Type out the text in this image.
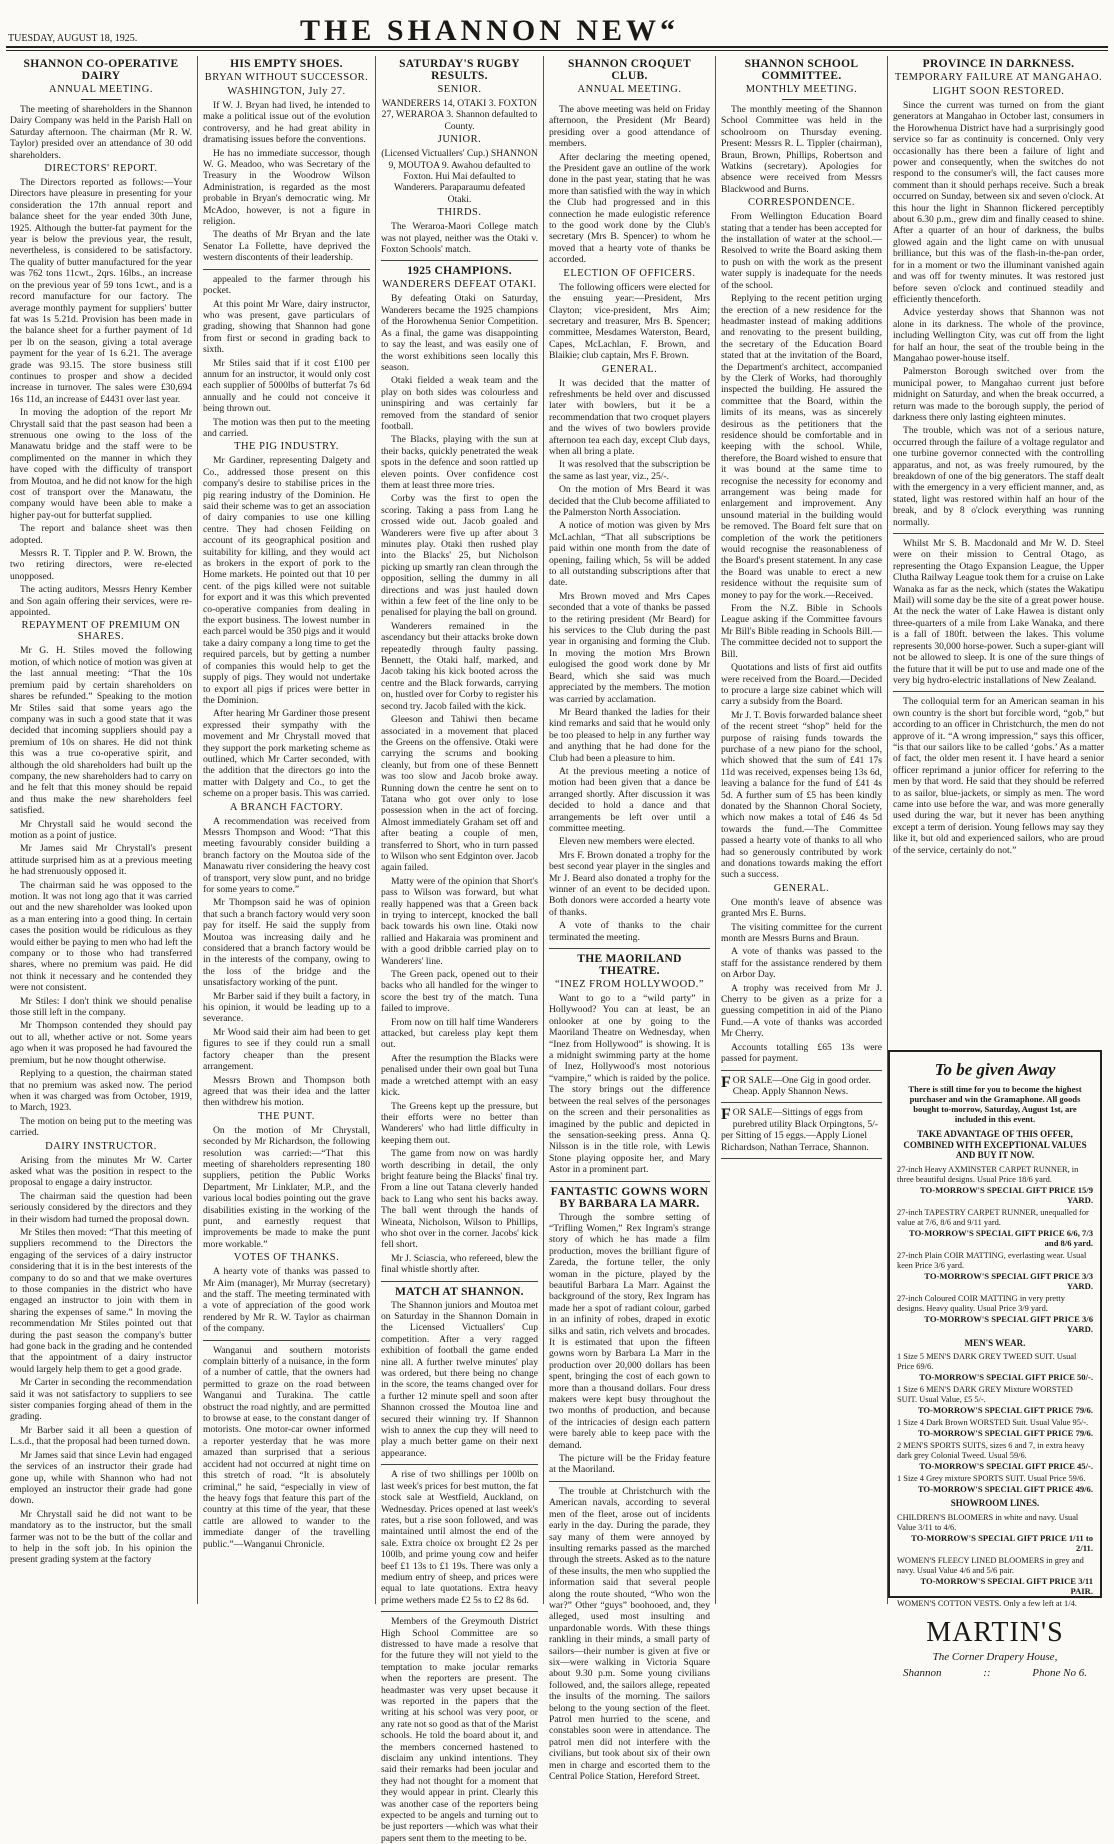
THE SHANNON NEW“
TUESDAY, AUGUST 18, 1925.
SHANNON CO-OPERATIVE DAIRY
ANNUAL MEETING.

The meeting of shareholders in the Shannon Dairy Company was held in the Parish Hall on Saturday afternoon. The chairman (Mr R. W. Taylor) presided over an attendance of 30 odd shareholders.

DIRECTORS' REPORT.

The Directors reported as follows:—Your Directors have pleasure in presenting for your consideration the 17th annual report and balance sheet for the year ended 30th June, 1925. Although the butter-fat payment for the year is below the previous year, the result, nevertheless, is considered to be satisfactory. The quality of butter manufactured for the year was 762 tons 11cwt., 2qrs. 16lbs., an increase on the previous year of 59 tons 1cwt., and is a record manufacture for our factory. The average monthly payment for suppliers' butter fat was 1s 5.21d. Provision has been made in the balance sheet for a further payment of 1d per lb on the season, giving a total average payment for the year of 1s 6.21. The average grade was 93.15. The store business still continues to prosper and show a decided increase in turnover. The sales were £30,694 16s 11d, an increase of £4431 over last year.

In moving the adoption of the report Mr Chrystall said that the past season had been a strenuous one owing to the loss of the Manawatu bridge and the staff were to be complimented on the manner in which they have coped with the difficulty of transport from Moutoa, and he did not know for the high cost of transport over the Manawatu, the company would have been able to make a higher pay-out for butterfat supplied.

The report and balance sheet was then adopted.

Messrs R. T. Tippler and P. W. Brown, the two retiring directors, were re-elected unopposed.

The acting auditors, Messrs Henry Kember and Son again offering their services, were re-appointed.

REPAYMENT OF PREMIUM ON SHARES.

Mr G. H. Stiles moved the following motion, of which notice of motion was given at the last annual meeting: “That the 10s premium paid by certain shareholders on shares be refunded.” Speaking to the motion Mr Stiles said that some years ago the company was in such a good state that it was decided that incoming suppliers should pay a premium of 10s on shares. He did not think this was a true co-operative spirit, and although the old shareholders had built up the company, the new shareholders had to carry on and he felt that this money should be repaid and thus make the new shareholders feel satisfied.

Mr Chrystall said he would second the motion as a point of justice.

Mr James said Mr Chrystall's present attitude surprised him as at a previous meeting he had strenuously opposed it.

The chairman said he was opposed to the motion. It was not long ago that it was carried out and the new shareholder was looked upon as a man entering into a good thing. In certain cases the position would be ridiculous as they would either be paying to men who had left the company or to those who had transferred shares, where no premium was paid. He did not think it necessary and he contended they were not consistent.

Mr Stiles: I don't think we should penalise those still left in the company.

Mr Thompson contended they should pay out to all, whether active or not. Some years ago when it was proposed he had favoured the premium, but he now thought otherwise.

Replying to a question, the chairman stated that no premium was asked now. The period when it was charged was from October, 1919, to March, 1923.

The motion on being put to the meeting was carried.

DAIRY INSTRUCTOR.

Arising from the minutes Mr W. Carter asked what was the position in respect to the proposal to engage a dairy instructor.

The chairman said the question had been seriously considered by the directors and they in their wisdom had turned the proposal down.

Mr Stiles then moved: “That this meeting of suppliers recommend to the Directors the engaging of the services of a dairy instructor considering that it is in the best interests of the company to do so and that we make overtures to those companies in the district who have engaged an instructor to join with them in sharing the expenses of same.” In moving the recommendation Mr Stiles pointed out that during the past season the company's butter had gone back in the grading and he contended that the appointment of a dairy instructor would largely help them to get a good grade.

Mr Carter in seconding the recommendation said it was not satisfactory to suppliers to see sister companies forging ahead of them in the grading.

Mr Barber said it all been a question of L.s.d., that the proposal had been turned down.

Mr James said that since Levin had engaged the services of an instructor their grade had gone up, while with Shannon who had not employed an instructor their grade had gone down.

Mr Chrystall said he did not want to be mandatory as to the instructor, but the small farmer was not to be the butt of the collar and to help in the soft job. In his opinion the present grading system at the factory

HIS EMPTY SHOES.
BRYAN WITHOUT SUCCESSOR.
WASHINGTON, July 27.

If W. J. Bryan had lived, he intended to make a political issue out of the evolution controversy, and he had great ability in dramatising issues before the conventions.

He has no immediate successor, though W. G. Meadoo, who was Secretary of the Treasury in the Woodrow Wilson Administration, is regarded as the most probable in Bryan's democratic wing. Mr McAdoo, however, is not a figure in religion.

The deaths of Mr Bryan and the late Senator La Follette, have deprived the western discontents of their leadership.

appealed to the farmer through his pocket.

At this point Mr Ware, dairy instructor, who was present, gave particulars of grading, showing that Shannon had gone from first or second in grading back to sixth.

Mr Stiles said that if it cost £100 per annum for an instructor, it would only cost each supplier of 5000lbs of butterfat 7s 6d annually and he could not conceive it being thrown out.

The motion was then put to the meeting and carried.

THE PIG INDUSTRY.

Mr Gardiner, representing Dalgety and Co., addressed those present on this company's desire to stabilise prices in the pig rearing industry of the Dominion. He said their scheme was to get an association of dairy companies to use one killing centre. They had chosen Feilding on account of its geographical position and suitability for killing, and they would act as brokers in the export of pork to the Home markets. He pointed out that 10 per cent. of the pigs killed were not suitable for export and it was this which prevented co-operative companies from dealing in the export business. The lowest number in each parcel would be 350 pigs and it would take a dairy company a long time to get the required parcels, but by getting a number of companies this would help to get the supply of pigs. They would not undertake to export all pigs if prices were better in the Dominion.

After hearing Mr Gardiner those present expressed their sympathy with the movement and Mr Chrystall moved that they support the pork marketing scheme as outlined, which Mr Carter seconded, with the addition that the directors go into the matter with Dalgety and Co., to get the scheme on a proper basis. This was carried.

A BRANCH FACTORY.

A recommendation was received from Messrs Thompson and Wood: “That this meeting favourably consider building a branch factory on the Moutoa side of the Manawatu river considering the heavy cost of transport, very slow punt, and no bridge for some years to come.”

Mr Thompson said he was of opinion that such a branch factory would very soon pay for itself. He said the supply from Moutoa was increasing daily and he considered that a branch factory would be in the interests of the company, owing to the loss of the bridge and the unsatisfactory working of the punt.

Mr Barber said if they built a factory, in his opinion, it would be leading up to a severance.

Mr Wood said their aim had been to get figures to see if they could run a small factory cheaper than the present arrangement.

Messrs Brown and Thompson both agreed that was their idea and the latter then withdrew his motion.

THE PUNT.

On the motion of Mr Chrystall, seconded by Mr Richardson, the following resolution was carried:—“That this meeting of shareholders representing 180 suppliers, petition the Public Works Department, Mr Linklater, M.P., and the various local bodies pointing out the grave disabilities existing in the working of the punt, and earnestly request that improvements be made to make the punt more workable.”

VOTES OF THANKS.

A hearty vote of thanks was passed to Mr Aim (manager), Mr Murray (secretary) and the staff. The meeting terminated with a vote of appreciation of the good work rendered by Mr R. W. Taylor as chairman of the company.

Wanganui and southern motorists complain bitterly of a nuisance, in the form of a number of cattle, that the owners had permitted to graze on the road between Wanganui and Turakina. The cattle obstruct the road nightly, and are permitted to browse at ease, to the constant danger of motorists. One motor-car owner informed a reporter yesterday that he was more amazed than surprised that a serious accident had not occurred at night time on this stretch of road. “It is absolutely criminal,” he said, “especially in view of the heavy fogs that feature this part of the country at this time of the year, that these cattle are allowed to wander to the immediate danger of the travelling public.”—Wanganui Chronicle.

SATURDAY'S RUGBY RESULTS.
SENIOR.

WANDERERS 14, OTAKI 3. FOXTON 27, WERAROA 3. Shannon defaulted to County.

JUNIOR.

(Licensed Victuallers' Cup.) SHANNON 9, MOUTOA 9. Awahou defaulted to Foxton. Hui Mai defaulted to Wanderers. Paraparaumu defeated Otaki.

THIRDS.

The Weraroa-Maori College match was not played, neither was the Otaki v. Foxton Schools' match.

1925 CHAMPIONS.
WANDERERS DEFEAT OTAKI.

By defeating Otaki on Saturday, Wanderers became the 1925 champions of the Horowhenua Senior Competition. As a final, the game was disappointing to say the least, and was easily one of the worst exhibitions seen locally this season.

Otaki fielded a weak team and the play on both sides was colourless and uninspiring and was certainly far removed from the standard of senior football.

The Blacks, playing with the sun at their backs, quickly penetrated the weak spots in the defence and soon rattled up eleven points. Over confidence cost them at least three more tries.

Corby was the first to open the scoring. Taking a pass from Lang he crossed wide out. Jacob goaled and Wanderers were five up after about 3 minutes play. Otaki then rushed play into the Blacks' 25, but Nicholson picking up smartly ran clean through the opposition, selling the dummy in all directions and was just hauled down within a few feet of the line only to be penalised for playing the ball on ground.

Wanderers remained in the ascendancy but their attacks broke down repeatedly through faulty passing. Bennett, the Otaki half, marked, and Jacob taking his kick booted across the centre and the Black forwards, carrying on, hustled over for Corby to register his second try. Jacob failed with the kick.

Gleeson and Tahiwi then became associated in a movement that placed the Greens on the offensive. Otaki were carrying the scrums and booking cleanly, but from one of these Bennett was too slow and Jacob broke away. Running down the centre he sent on to Tatana who got over only to lose possession when in the act of forcing. Almost immediately Graham set off and after beating a couple of men, transferred to Short, who in turn passed to Wilson who sent Edginton over. Jacob again failed.

Matty were of the opinion that Short's pass to Wilson was forward, but what really happened was that a Green back in trying to intercept, knocked the ball back towards his own line. Otaki now rallied and Hakaraia was prominent and with a good dribble carried play on to Wanderers' line.

The Green pack, opened out to their backs who all handled for the winger to score the best try of the match. Tuna failed to improve.

From now on till half time Wanderers attacked, but careless play kept them out.

After the resumption the Blacks were penalised under their own goal but Tuna made a wretched attempt with an easy kick.

The Greens kept up the pressure, but their efforts were no better than Wanderers' who had little difficulty in keeping them out.

The game from now on was hardly worth describing in detail, the only bright feature being the Blacks' final try. From a line out Tatana cleverly handed back to Lang who sent his backs away. The ball went through the hands of Wineata, Nicholson, Wilson to Phillips, who shot over in the corner. Jacobs' kick fell short.

Mr J. Sciascia, who refereed, blew the final whistle shortly after.

MATCH AT SHANNON.

The Shannon juniors and Moutoa met on Saturday in the Shannon Domain in the Licensed Victuallers' Cup competition. After a very ragged exhibition of football the game ended nine all. A further twelve minutes' play was ordered, but there being no change in the score, the teams changed over for a further 12 minute spell and soon after Shannon crossed the Moutoa line and secured their winning try. If Shannon wish to annex the cup they will need to play a much better game on their next appearance.

A rise of two shillings per 100lb on last week's prices for best mutton, the fat stock sale at Westfield, Auckland, on Wednesday. Prices opened at last week's rates, but a rise soon followed, and was maintained until almost the end of the sale. Extra choice ox brought £2 2s per 100lb, and prime young cow and heifer beef £1 13s to £1 19s. There was only a medium entry of sheep, and prices were equal to late quotations. Extra heavy prime wethers made £2 5s to £2 8s 6d.

Members of the Greymouth District High School Committee are so distressed to have made a resolve that for the future they will not yield to the temptation to make jocular remarks when the reporters are present. The headmaster was very upset because it was reported in the papers that the writing at his school was very poor, or any rate not so good as that of the Marist schools. He told the board about it, and the members concerned hastened to disclaim any unkind intentions. They said their remarks had been jocular and they had not thought for a moment that they would appear in print. Clearly this was another case of the reporters being expected to be angels and turning out to be just reporters —which was what their papers sent them to the meeting to be.

SHANNON CROQUET CLUB.
ANNUAL MEETING.

The above meeting was held on Friday afternoon, the President (Mr Beard) presiding over a good attendance of members.

After declaring the meeting opened, the President gave an outline of the work done in the past year, stating that he was more than satisfied with the way in which the Club had progressed and in this connection he made eulogistic reference to the good work done by the Club's secretary (Mrs B. Spencer) to whom he moved that a hearty vote of thanks be accorded.

ELECTION OF OFFICERS.

The following officers were elected for the ensuing year:—President, Mrs Clayton; vice-president, Mrs Aim; secretary and treasurer, Mrs B. Spencer; committee, Mesdames Waterston, Beard, Capes, McLachlan, F. Brown, and Blaikie; club captain, Mrs F. Brown.

GENERAL.

It was decided that the matter of refreshments be held over and discussed later with bowlers, but it be a recommendation that two croquet players and the wives of two bowlers provide afternoon tea each day, except Club days, when all bring a plate.

It was resolved that the subscription be the same as last year, viz., 25/-.

On the motion of Mrs Beard it was decided that the Club become affiliated to the Palmerston North Association.

A notice of motion was given by Mrs McLachlan, “That all subscriptions be paid within one month from the date of opening, failing which, 5s will be added to all outstanding subscriptions after that date.

Mrs Brown moved and Mrs Capes seconded that a vote of thanks be passed to the retiring president (Mr Beard) for his services to the Club during the past year in organising and forming the Club. In moving the motion Mrs Brown eulogised the good work done by Mr Beard, which she said was much appreciated by the members. The motion was carried by acclamation.

Mr Beard thanked the ladies for their kind remarks and said that he would only be too pleased to help in any further way and anything that he had done for the Club had been a pleasure to him.

At the previous meeting a notice of motion had been given that a dance be arranged shortly. After discussion it was decided to hold a dance and that arrangements be left over until a committee meeting.

Eleven new members were elected.

Mrs F. Brown donated a trophy for the best second year player in the singles and Mr J. Beard also donated a trophy for the winner of an event to be decided upon. Both donors were accorded a hearty vote of thanks.

A vote of thanks to the chair terminated the meeting.

THE MAORILAND THEATRE.
“INEZ FROM HOLLYWOOD.”

Want to go to a “wild party” in Hollywood? You can at least, be an onlooker at one by going to the Maoriland Theatre on Wednesday, when “Inez from Hollywood” is showing. It is a midnight swimming party at the home of Inez, Hollywood's most notorious “vampire,” which is raided by the police. The story brings out the difference between the real selves of the personages on the screen and their personalities as imagined by the public and depicted in the sensation-seeking press. Anna Q. Nilsson is in the title role, with Lewis Stone playing opposite her, and Mary Astor in a prominent part.

FANTASTIC GOWNS WORN BY BARBARA LA MARR.

Through the sombre setting of “Trifling Women,” Rex Ingram's strange story of which he has made a film production, moves the brilliant figure of Zareda, the fortune teller, the only woman in the picture, played by the beautiful Barbara La Marr. Against the background of the story, Rex Ingram has made her a spot of radiant colour, garbed in an infinity of robes, draped in exotic silks and satin, rich velvets and brocades. It is estimated that upon the fifteen gowns worn by Barbara La Marr in the production over 20,000 dollars has been spent, bringing the cost of each gown to more than a thousand dollars. Four dress makers were kept busy throughout the two months of production, and because of the intricacies of design each pattern were barely able to keep pace with the demand.

The picture will be the Friday feature at the Maoriland.

The trouble at Christchurch with the American navals, according to several men of the fleet, arose out of incidents early in the day. During the parade, they say many of them were annoyed by insulting remarks passed as the marched through the streets. Asked as to the nature of these insults, the men who supplied the information said that several people along the route shouted, “Who won the war?” Other “guys” boohooed, and, they alleged, used most insulting and unpardonable words. With these things rankling in their minds, a small party of sailors—their number is given at five or six—were walking in Victoria Square about 9.30 p.m. Some young civilians followed, and, the sailors allege, repeated the insults of the morning. The sailors belong to the young section of the fleet. Patrol men hurried to the scene, and constables soon were in attendance. The patrol men did not interfere with the civilians, but took about six of their own men in charge and escorted them to the Central Police Station, Hereford Street.

SHANNON SCHOOL COMMITTEE.
MONTHLY MEETING.

The monthly meeting of the Shannon School Committee was held in the schoolroom on Thursday evening. Present: Messrs R. L. Tippler (chairman), Braun, Brown, Phillips, Robertson and Watkins (secretary). Apologies for absence were received from Messrs Blackwood and Burns.

CORRESPONDENCE.

From Wellington Education Board stating that a tender has been accepted for the installation of water at the school.—Resolved to write the Board asking them to push on with the work as the present water supply is inadequate for the needs of the school.

Replying to the recent petition urging the erection of a new residence for the headmaster instead of making additions and renovating to the present building, the secretary of the Education Board stated that at the invitation of the Board, the Department's architect, accompanied by the Clerk of Works, had thoroughly inspected the building. He assured the committee that the Board, within the limits of its means, was as sincerely desirous as the petitioners that the residence should be comfortable and in keeping with the school. While, therefore, the Board wished to ensure that it was bound at the same time to recognise the necessity for economy and arrangement was being made for enlargement and improvement. Any unsound material in the building would be removed. The Board felt sure that on completion of the work the petitioners would recognise the reasonableness of the Board's present statement. In any case the Board was unable to erect a new residence without the requisite sum of money to pay for the work.—Received.

From the N.Z. Bible in Schools League asking if the Committee favours Mr Bill's Bible reading in Schools Bill.—The committee decided not to support the Bill.

Quotations and lists of first aid outfits were received from the Board.—Decided to procure a large size cabinet which will carry a subsidy from the Board.

Mr J. T. Bovis forwarded balance sheet of the recent street “shop” held for the purpose of raising funds towards the purchase of a new piano for the school, which showed that the sum of £41 17s 11d was received, expenses being 13s 6d, leaving a balance for the fund of £41 4s 5d. A further sum of £5 has been kindly donated by the Shannon Choral Society, which now makes a total of £46 4s 5d towards the fund.—The Committee passed a hearty vote of thanks to all who had so generously contributed by work and donations towards making the effort such a success.

GENERAL.

One month's leave of absence was granted Mrs E. Burns.

The visiting committee for the current month are Messrs Burns and Braun.

A vote of thanks was passed to the staff for the assistance rendered by them on Arbor Day.

A trophy was received from Mr J. Cherry to be given as a prize for a guessing competition in aid of the Piano Fund.—A vote of thanks was accorded Mr Cherry.

Accounts totalling £65 13s were passed for payment.

FOR SALE—One Gig in good order. Cheap. Apply Shannon News.
FOR SALE—Sittings of eggs from purebred utility Black Orpingtons, 5/- per Sitting of 15 eggs.—Apply Lionel Richardson, Nathan Terrace, Shannon.
PROVINCE IN DARKNESS.
TEMPORARY FAILURE AT MANGAHAO.
LIGHT SOON RESTORED.

Since the current was turned on from the giant generators at Mangahao in October last, consumers in the Horowhenua District have had a surprisingly good service so far as continuity is concerned. Only very occasionally has there been a failure of light and power and consequently, when the switches do not respond to the consumer's will, the fact causes more comment than it should perhaps receive. Such a break occurred on Sunday, between six and seven o'clock. At this hour the light in Shannon flickered perceptibly about 6.30 p.m., grew dim and finally ceased to shine. After a quarter of an hour of darkness, the bulbs glowed again and the light came on with unusual brilliance, but this was of the flash-in-the-pan order, for in a moment or two the illuminant vanished again and was off for twenty minutes. It was restored just before seven o'clock and continued steadily and efficiently thenceforth.

Advice yesterday shows that Shannon was not alone in its darkness. The whole of the province, including Wellington City, was cut off from the light for half an hour, the seat of the trouble being in the Mangahao power-house itself.

Palmerston Borough switched over from the municipal power, to Mangahao current just before midnight on Saturday, and when the break occurred, a return was made to the borough supply, the period of darkness there only lasting eighteen minutes.

The trouble, which was not of a serious nature, occurred through the failure of a voltage regulator and one turbine governor connected with the controlling apparatus, and not, as was freely rumoured, by the breakdown of one of the big generators. The staff dealt with the emergency in a very efficient manner, and, as stated, light was restored within half an hour of the break, and by 8 o'clock everything was running normally.

Whilst Mr S. B. Macdonald and Mr W. D. Steel were on their mission to Central Otago, as representing the Otago Expansion League, the Upper Clutha Railway League took them for a cruise on Lake Wanaka as far as the neck, which (states the Wakatipu Mail) will some day be the site of a great power house. At the neck the water of Lake Hawea is distant only three-quarters of a mile from Lake Wanaka, and there is a fall of 180ft. between the lakes. This volume represents 30,000 horse-power. Such a super-giant will not be allowed to sleep. It is one of the sure things of the future that it will be put to use and made one of the very big hydro-electric installations of New Zealand.

The colloquial term for an American seaman in his own country is the short but forcible word, “gob,” but according to an officer in Christchurch, the men do not approve of it. “A wrong impression,” says this officer, “is that our sailors like to be called ‘gobs.’ As a matter of fact, the older men resent it. I have heard a senior officer reprimand a junior officer for referring to the men by that word. He said that they should be referred to as sailor, blue-jackets, or simply as men. The word came into use before the war, and was more generally used during the war, but it never has been anything except a term of derision. Young fellows may say they like it, but old and experienced sailors, who are proud of the service, certainly do not.”

To be given Away
There is still time for you to become the highest purchaser and win the Gramaphone. All goods bought to-morrow, Saturday, August 1st, are included in this event.
TAKE ADVANTAGE OF THIS OFFER, COMBINED WITH EXCEPTIONAL VALUES AND BUY IT NOW.
27-inch Heavy AXMINSTER CARPET RUNNER, in three beautiful designs. Usual Price 18/6 yard.
TO-MORROW'S SPECIAL GIFT PRICE 15/9 YARD.
27-inch TAPESTRY CARPET RUNNER, unequalled for value at 7/6, 8/6 and 9/11 yard.
TO-MORROW'S SPECIAL GIFT PRICE 6/6, 7/3 and 8/6 yard.
27-inch Plain COIR MATTING, everlasting wear. Usual keen Price 3/6 yard.
TO-MORROW'S SPECIAL GIFT PRICE 3/3 YARD.
27-inch Coloured COIR MATTING in very pretty designs. Heavy quality. Usual Price 3/9 yard.
TO-MORROW'S SPECIAL GIFT PRICE 3/6 YARD.
MEN'S WEAR.
1 Size 5 MEN'S DARK GREY TWEED SUIT. Usual Price 69/6.
TO-MORROW'S SPECIAL GIFT PRICE 50/-.
1 Size 6 MEN'S DARK GREY Mixture WORSTED SUIT. Usual Value, £5 5/-.
TO-MORROW'S SPECIAL GIFT PRICE 79/6.
1 Size 4 Dark Brown WORSTED Suit. Usual Value 95/-.
TO-MORROW'S SPECIAL GIFT PRICE 79/6.
2 MEN'S SPORTS SUITS, sizes 6 and 7, in extra heavy dark grey Colonial Tweed. Usual 59/6.
TO-MORROW'S SPECIAL GIFT PRICE 45/-.
1 Size 4 Grey mixture SPORTS SUIT. Usual Price 59/6.
TO-MORROW'S SPECIAL GIFT PRICE 49/6.
SHOWROOM LINES.
CHILDREN'S BLOOMERS in white and navy. Usual Value 3/11 to 4/6.
TO-MORROW'S SPECIAL GIFT PRICE 1/11 to 2/11.
WOMEN'S FLEECY LINED BLOOMERS in grey and navy. Usual Value 4/6 and 5/6 pair.
TO-MORROW'S SPECIAL GIFT PRICE 3/11 PAIR.
WOMEN'S COTTON VESTS. Only a few left at 1/4.
MARTIN'S
The Corner Drapery House,
Shannon	::	Phone No 6.
